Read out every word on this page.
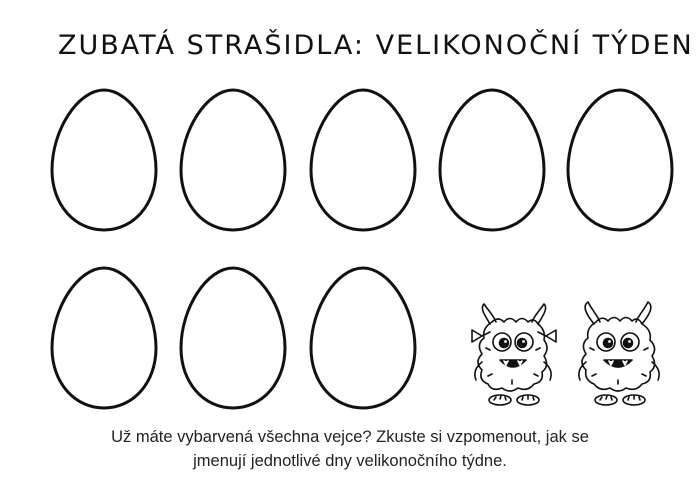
ZUBATÁ STRAŠIDLA: VELIKONOČNÍ TÝDEN
Už máte vybarvená všechna vejce? Zkuste si vzpomenout, jak se
jmenují jednotlivé dny velikonočního týdne.
